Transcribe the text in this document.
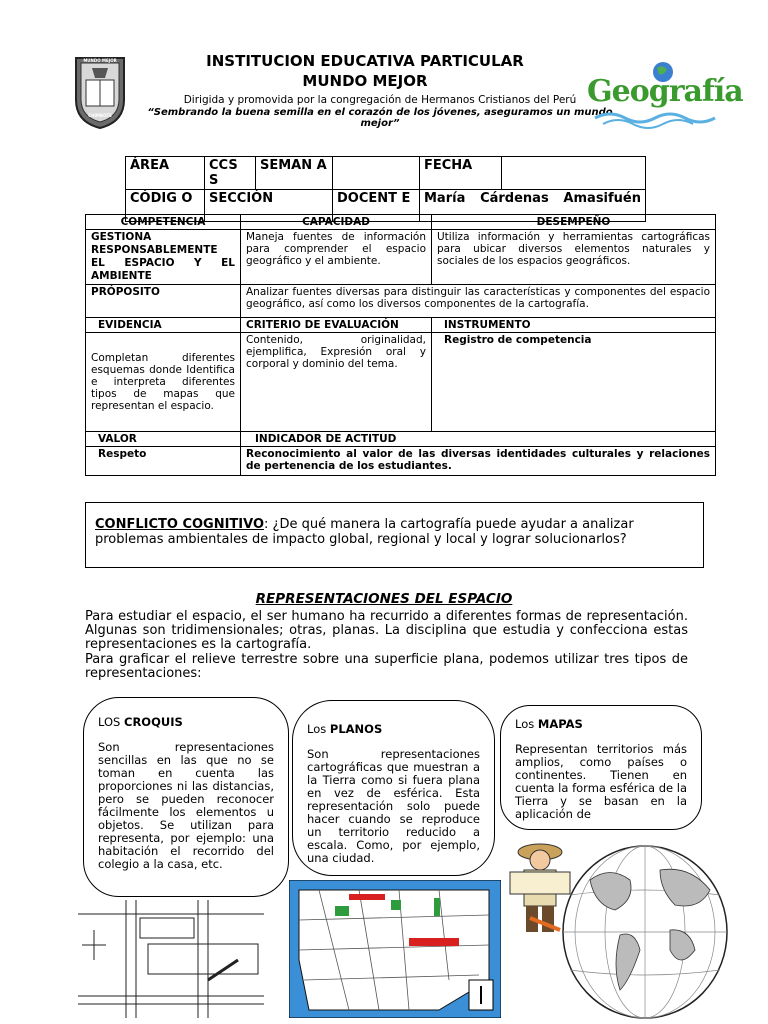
MUNDO MEJOR
CHIMBOTE
INSTITUCION EDUCATIVA PARTICULAR
MUNDO MEJOR
Dirigida y promovida por la congregación de Hermanos Cristianos del Perú
“Sembrando la buena semilla en el corazón de los jóvenes, aseguramos un mundo mejor”
Geografía
ÁREA	CCS S	SEMAN A		FECHA	
CÓDIG O	SECCIÓN		DOCENT E	María Cárdenas Amasifuén	
COMPETENCIA	CAPACIDAD	DESEMPEÑO
GESTIONA RESPONSABLEMENTE EL ESPACIO Y EL AMBIENTE	Maneja fuentes de información para comprender el espacio geográfico y el ambiente.	Utiliza información y herramientas cartográficas para ubicar diversos elementos naturales y sociales de los espacios geográficos.
PRÓPOSITO	Analizar fuentes diversas para distinguir las características y componentes del espacio geográfico, así como los diversos componentes de la cartografía.	
EVIDENCIA	CRITERIO DE EVALUACIÓN	INSTRUMENTO
Completan diferentes esquemas donde Identifica e interpreta diferentes tipos de mapas que representan el espacio.	Contenido, originalidad, ejemplifica, Expresión oral y corporal y dominio del tema.	Registro de competencia
VALOR	INDICADOR DE ACTITUD	
Respeto	Reconocimiento al valor de las diversas identidades culturales y relaciones de pertenencia de los estudiantes.	
CONFLICTO COGNITIVO: ¿De qué manera la cartografía puede ayudar a analizar problemas ambientales de impacto global, regional y local y lograr solucionarlos?
REPRESENTACIONES DEL ESPACIO
Para estudiar el espacio, el ser humano ha recurrido a diferentes formas de representación. Algunas son tridimensionales; otras, planas. La disciplina que estudia y confecciona estas representaciones es la cartografía.
Para graficar el relieve terrestre sobre una superficie plana, podemos utilizar tres tipos de representaciones:
LOS CROQUIS

Son representaciones sencillas en las que no se toman en cuenta las proporciones ni las distancias, pero se pueden reconocer fácilmente los elementos u objetos. Se utilizan para representa, por ejemplo: una habitación el recorrido del colegio a la casa, etc.

Los PLANOS

Son representaciones cartográficas que muestran a la Tierra como si fuera plana en vez de esférica. Esta representación solo puede hacer cuando se reproduce un territorio reducido a escala. Como, por ejemplo, una ciudad.

Los MAPAS

Representan territorios más amplios, como países o continentes. Tienen en cuenta la forma esférica de la Tierra y se basan en la aplicación de
